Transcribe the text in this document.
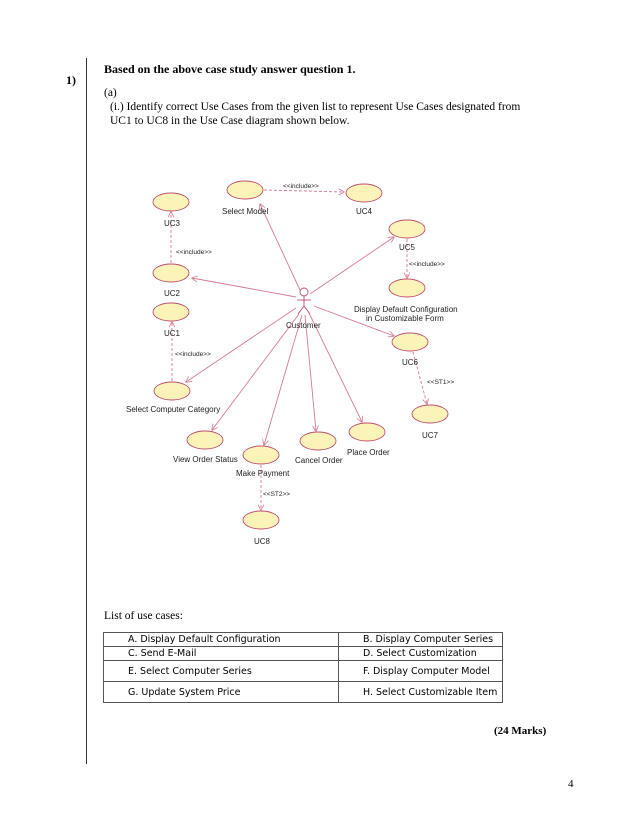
1)
Based on the above case study answer question 1.
(a)
(i.) Identify correct Use Cases from the given list to represent Use Cases designated from UC1 to UC8 in the Use Case diagram shown below.
UC3
Select Model	UC4
UC5
UC2
Display Default Configuration
in Customizable Form
Customer
UC1
UC6
Select Computer Category
UC7
Place Order
View Order Status	Cancel Order
Make Payment
UC8
<<include>>
<<include>>
<<include>>
<<include>>
<<ST1>>
<<ST2>>
List of use cases:
A. Display Default Configuration	B. Display Computer Series
C. Send E-Mail	D. Select Customization
E. Select Computer Series	F. Display Computer Model
G. Update System Price	H. Select Customizable Item
(24 Marks)
4
